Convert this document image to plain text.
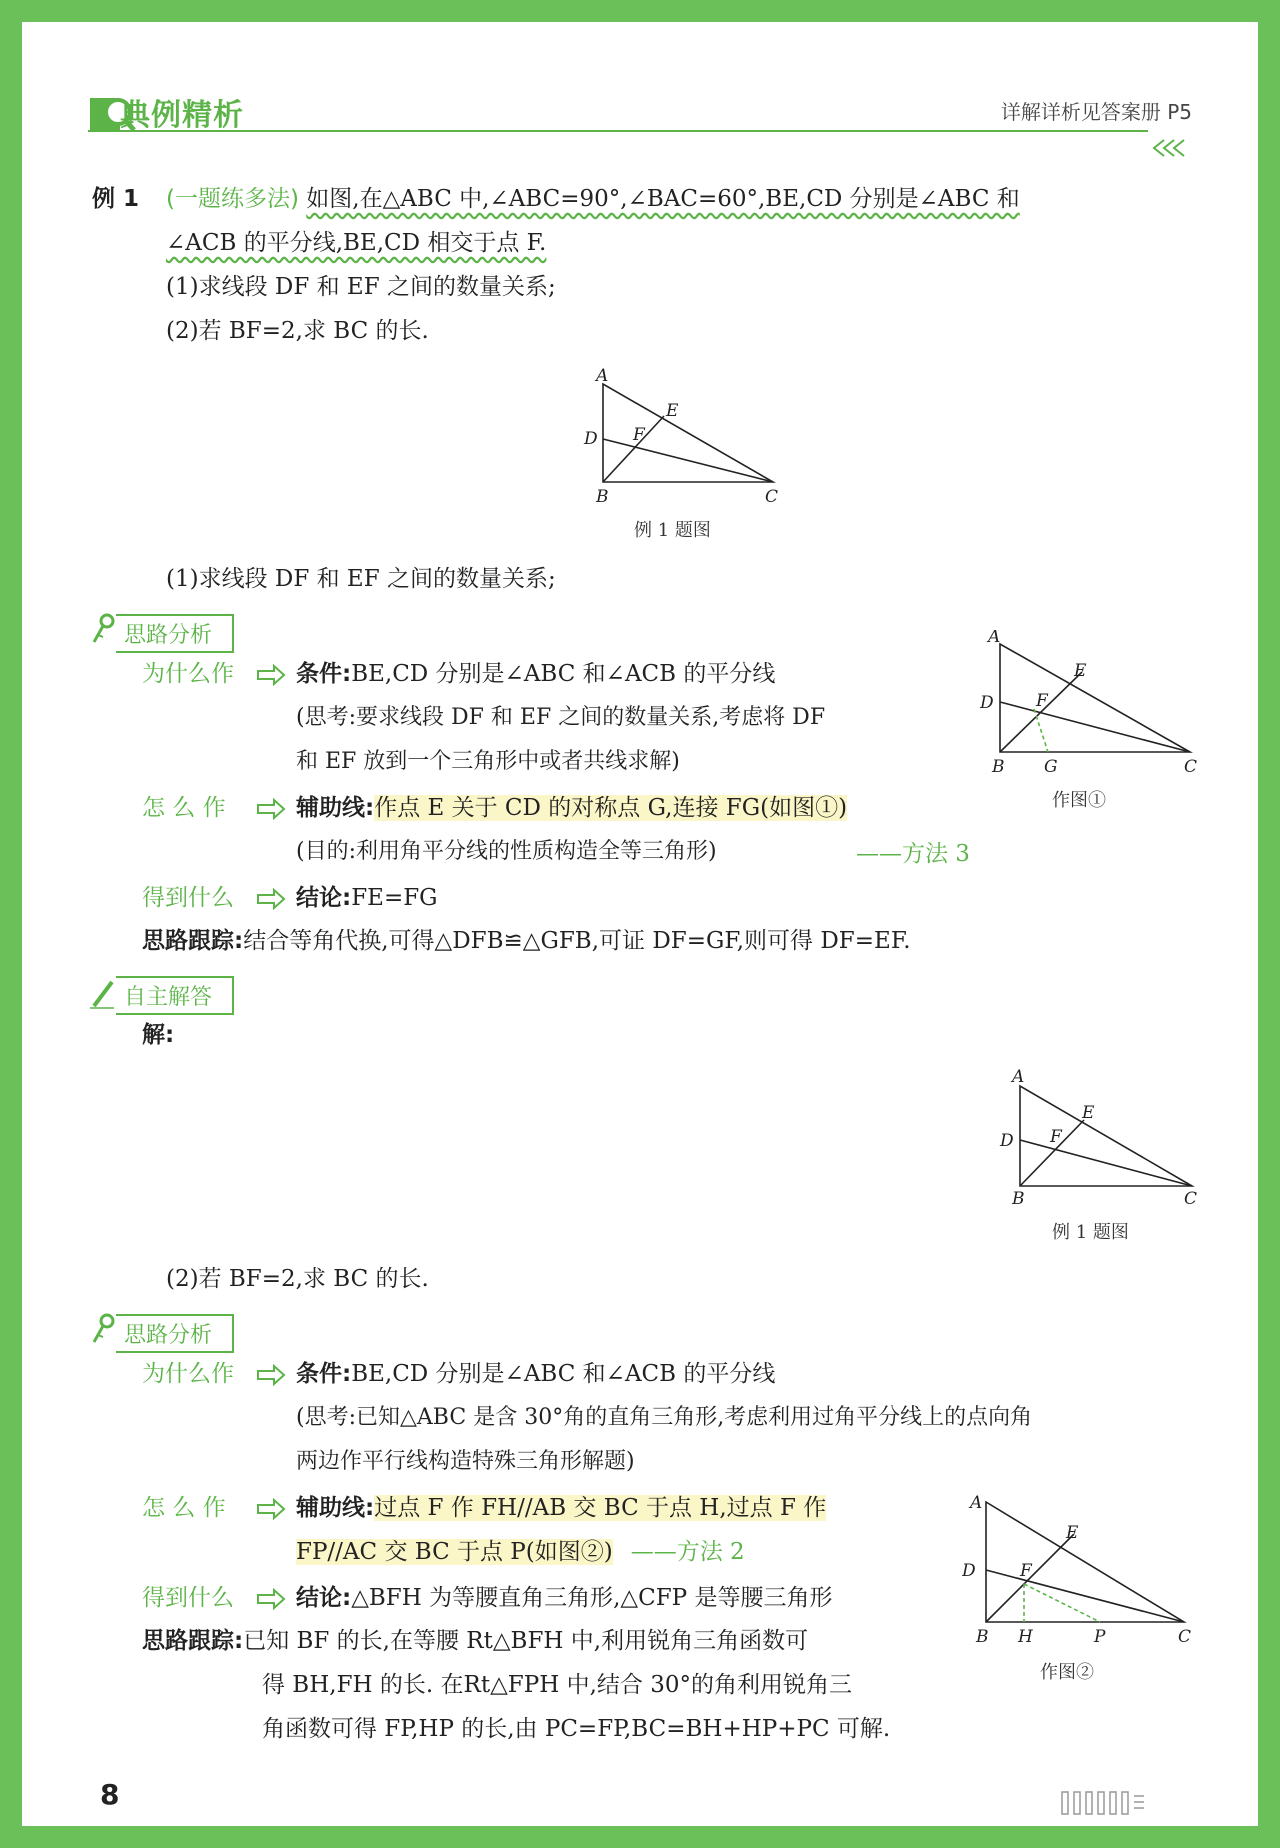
典例精析	详解详析见答案册 P5
例 1 (一题练多法) 如图,在△ABC 中,∠ABC=90°,∠BAC=60°,BE,CD 分别是∠ABC 和
∠ACB 的平分线,BE,CD 相交于点 F.
(1)求线段 DF 和 EF 之间的数量关系;
(2)若 BF=2,求 BC 的长.
A
E
D F
B	C
例 1 题图
(1)求线段 DF 和 EF 之间的数量关系;
思路分析
为什么作	条件:BE,CD 分别是∠ABC 和∠ACB 的平分线
(思考:要求线段 DF 和 EF 之间的数量关系,考虑将 DF
和 EF 放到一个三角形中或者共线求解)
怎 么 作	辅助线:作点 E 关于 CD 的对称点 G,连接 FG(如图①)
(目的:利用角平分线的性质构造全等三角形)	——方法 3
得到什么	结论:FE=FG
思路跟踪:结合等角代换,可得△DFB≌△GFB,可证 DF=GF,则可得 DF=EF.
A
E
D F
B G	C
作图①
自主解答
解:
A
E
D F
B	C
例 1 题图
(2)若 BF=2,求 BC 的长.
思路分析
为什么作	条件:BE,CD 分别是∠ABC 和∠ACB 的平分线
(思考:已知△ABC 是含 30°角的直角三角形,考虑利用过角平分线上的点向角
两边作平行线构造特殊三角形解题)
怎 么 作	辅助线:过点 F 作 FH//AB 交 BC 于点 H,过点 F 作
FP//AC 交 BC 于点 P(如图②) ——方法 2
得到什么	结论:△BFH 为等腰直角三角形,△CFP 是等腰三角形
思路跟踪:已知 BF 的长,在等腰 Rt△BFH 中,利用锐角三角函数可
得 BH,FH 的长. 在Rt△FPH 中,结合 30°的角利用锐角三
角函数可得 FP,HP 的长,由 PC=FP,BC=BH+HP+PC 可解.
A
E
D	F
B H	P	C
作图②
8
